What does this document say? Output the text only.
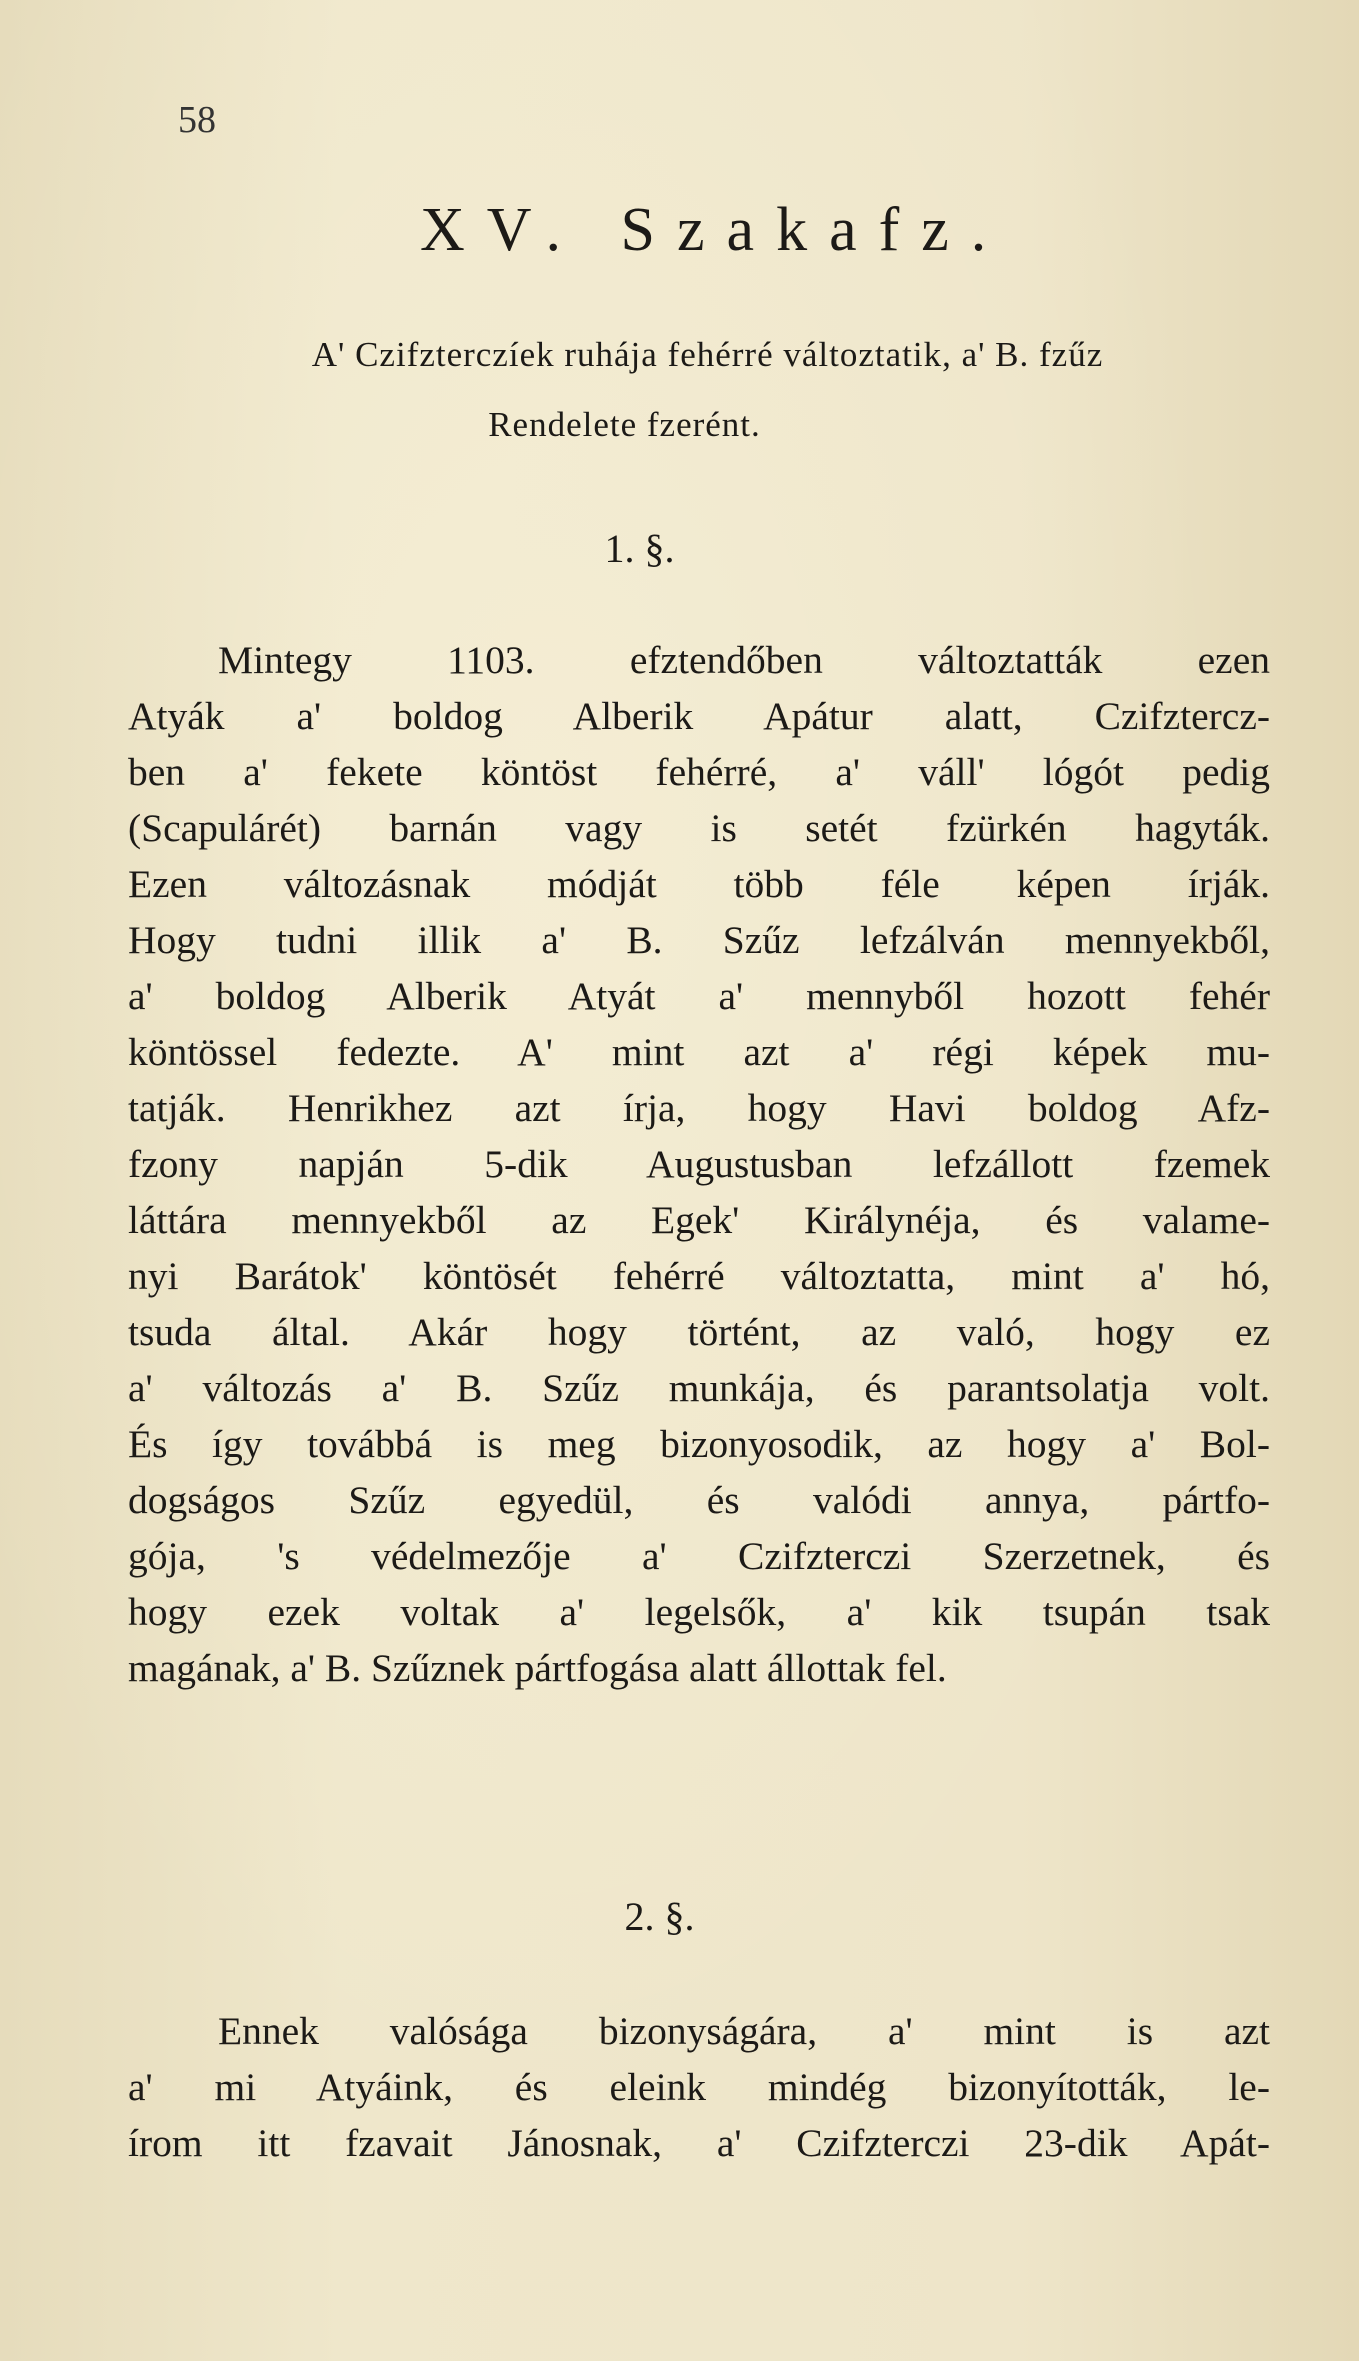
58
XV. Szakafz.
A' Czifzterczíek ruhája fehérré változtatik, a' B. fzűz
Rendelete fzerént.
1. §.
Mintegy 1103. efztendőben változtatták ezen
Atyák a' boldog Alberik Apátur alatt, Czifztercz-
ben a' fekete köntöst fehérré, a' váll' lógót pedig
(Scapulárét) barnán vagy is setét fzürkén hagyták.
Ezen változásnak módját több féle képen írják.
Hogy tudni illik a' B. Szűz lefzálván mennyekből,
a' boldog Alberik Atyát a' mennyből hozott fehér
köntössel fedezte. A' mint azt a' régi képek mu-
tatják. Henrikhez azt írja, hogy Havi boldog Afz-
fzony napján 5-dik Augustusban lefzállott fzemek
láttára mennyekből az Egek' Királynéja, és valame-
nyi Barátok' köntösét fehérré változtatta, mint a' hó,
tsuda által. Akár hogy történt, az való, hogy ez
a' változás a' B. Szűz munkája, és parantsolatja volt.
És így továbbá is meg bizonyosodik, az hogy a' Bol-
dogságos Szűz egyedül, és valódi annya, pártfo-
gója, 's védelmezője a' Czifzterczi Szerzetnek, és
hogy ezek voltak a' legelsők, a' kik tsupán tsak
magának, a' B. Szűznek pártfogása alatt állottak fel.
2. §.
Ennek valósága bizonyságára, a' mint is azt
a' mi Atyáink, és eleink mindég bizonyították, le-
írom itt fzavait Jánosnak, a' Czifzterczi 23-dik Apát-
